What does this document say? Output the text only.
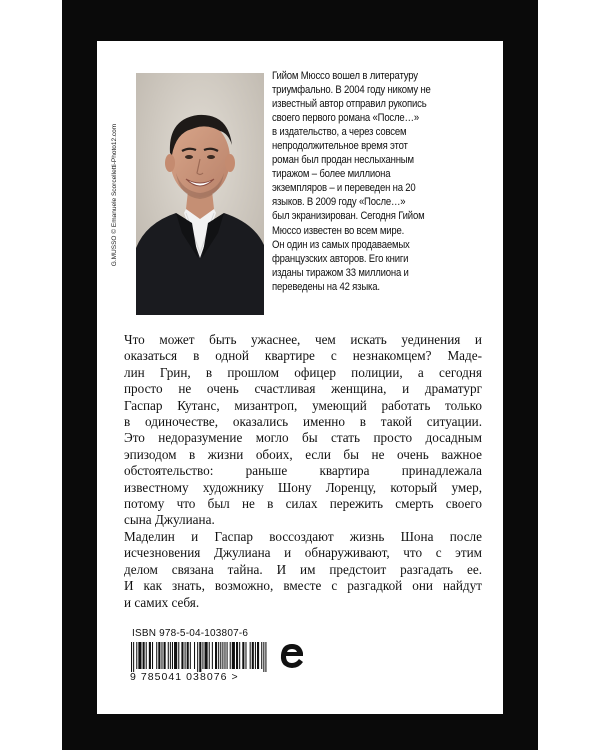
G.MUSSO © Emanuele Scorcelletti-Photo12.com
Гийом Мюссо вошел в литературу
триумфально. В 2004 году никому не
известный автор отправил рукопись
своего первого романа «После…»
в издательство, а через совсем
непродолжительное время этот
роман был продан неслыханным
тиражом – более миллиона
экземпляров – и переведен на 20
языков. В 2009 году «После…»
был экранизирован. Сегодня Гийом
Мюссо известен во всем мире.
Он один из самых продаваемых
французских авторов. Его книги
изданы тиражом 33 миллиона и
переведены на 42 языка.
Что может быть ужаснее, чем искать уединения и
оказаться в одной квартире с незнакомцем? Маде-
лин Грин, в прошлом офицер полиции, а сегодня
просто не очень счастливая женщина, и драматург
Гаспар Кутанс, мизантроп, умеющий работать только
в одиночестве, оказались именно в такой ситуации.
Это недоразумение могло бы стать просто досадным
эпизодом в жизни обоих, если бы не очень важное
обстоятельство: раньше квартира принадлежала
известному художнику Шону Лоренцу, который умер,
потому что был не в силах пережить смерть своего
сына Джулиана.
Маделин и Гаспар воссоздают жизнь Шона после
исчезновения Джулиана и обнаруживают, что с этим
делом связана тайна. И им предстоит разгадать ее.
И как знать, возможно, вместе с разгадкой они найдут
и самих себя.
ISBN 978-5-04-103807-6
9 785041 038076 >
